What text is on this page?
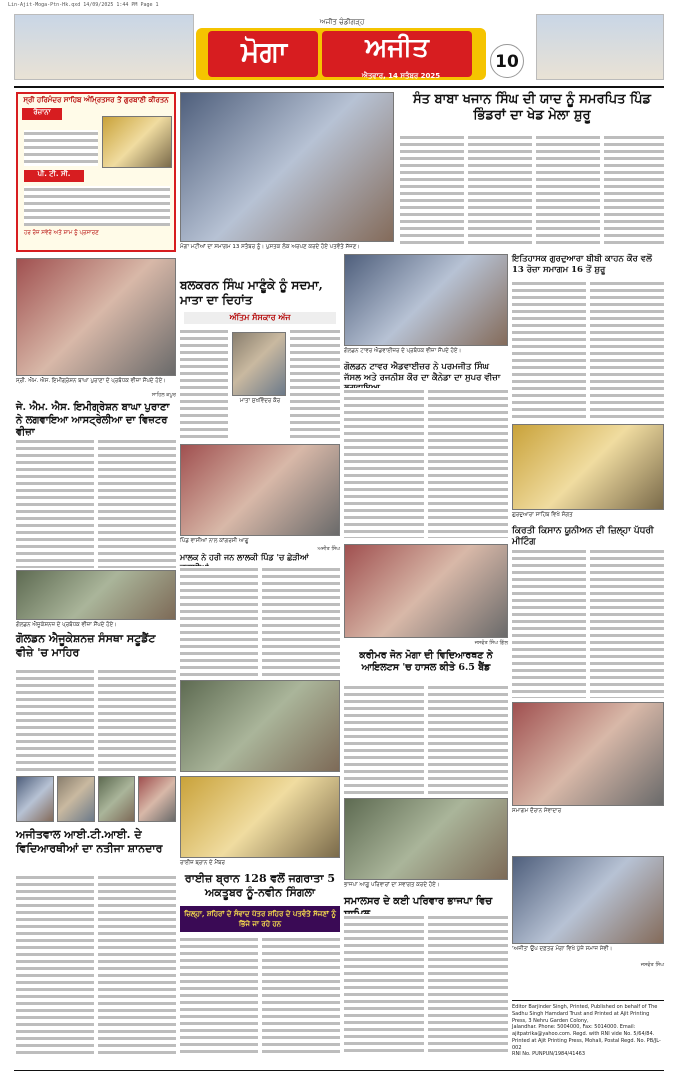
Lin-Ajit-Moga-Ptn-Hk.qxd 14/09/2025 1:44 PM Page 1
ਅਜੀਤ ਚੰਡੀਗੜ੍ਹ
ਮੋਗਾ	ਅਜੀਤ
ਐਤਵਾਰ, 14 ਸਤੰਬਰ 2025
10
ਸ੍ਰੀ ਹਰਿਮੰਦਰ ਸਾਹਿਬ ਅੰਮ੍ਰਿਤਸਰ ਤੋਂ ਗੁਰਬਾਣੀ ਕੀਰਤਨ
ਰੋਜ਼ਾਨਾ
ਪੀ. ਟੀ. ਸੀ.
ਹਰ ਰੋਜ਼ ਸਵੇਰੇ ਅਤੇ ਸ਼ਾਮ ਨੂੰ ਪ੍ਰਸਾਰਣ
ਸ੍ਰੀ. ਐਮ. ਐਸ. ਇਮੀਗ੍ਰੇਸ਼ਨ ਬਾਘਾ ਪੁਰਾਣਾ ਦੇ ਪ੍ਰਬੰਧਕ ਵੀਜ਼ਾ ਸੌਂਪਦੇ ਹੋਏ।
ਸਾਹਿਲ ਕਪੂਰ
ਜੇ. ਐਮ. ਐਸ. ਇਮੀਗ੍ਰੇਸ਼ਨ ਬਾਘਾ ਪੁਰਾਣਾ ਨੇ ਲਗਵਾਇਆ ਆਸਟ੍ਰੇਲੀਆ ਦਾ ਵਿਜ਼ਟਰ ਵੀਜ਼ਾ
ਗੋਲਡਨ ਐਜੂਕੇਸ਼ਨਜ਼ ਦੇ ਪ੍ਰਬੰਧਕ ਵੀਜ਼ਾ ਸੌਂਪਦੇ ਹੋਏ।
ਗੋਲਡਨ ਐਜੂਕੇਸ਼ਨਜ਼ ਸੰਸਥਾ ਸਟੂਡੈਂਟ ਵੀਜ਼ੇ 'ਚ ਮਾਹਿਰ
ਅਜੀਤਵਾਲ ਆਈ.ਟੀ.ਆਈ. ਦੇ ਵਿਦਿਆਰਥੀਆਂ ਦਾ ਨਤੀਜਾ ਸ਼ਾਨਦਾਰ
ਮੋਗਾ ਮਟੀਆਂ ਦਾ ਸਮਾਗਮ 13 ਸਤੰਬਰ ਨੂੰ। ਪੁਸਤਕ ਲੋਕ ਅਰਪਣ ਕਰਦੇ ਹੋਏ ਪਤਵੰਤੇ ਸੱਜਣ।
ਬਲਕਰਨ ਸਿੰਘ ਮਾਣੂੰਕੇ ਨੂੰ ਸਦਮਾ, ਮਾਤਾ ਦਾ ਦਿਹਾਂਤ
ਅੰਤਿਮ ਸੰਸਕਾਰ ਅੱਜ
ਮਾਤਾ ਸੁਖਵਿੰਦਰ ਕੌਰ
ਪਿੰਡ ਵਾਸੀਆਂ ਨਾਲ ਕਾਂਗਰਸੀ ਆਗੂ
ਅਜੀਤ ਸਿੰਘ
ਮਾਲਕ ਨੇ ਹਰੀ ਜਨ ਲਾਲਕੀ ਪਿੰਡ 'ਚ ਛੇੜੀਆਂ
ਰਾਈਜ਼ ਬ੍ਰਾਨ ਦੇ ਮੈਂਬਰ
ਰਾਈਜ਼ ਬ੍ਰਾਨ 128 ਵਲੋਂ ਜਗਰਾਤਾ 5 ਅਕਤੂਬਰ ਨੂੰ-ਨਵੀਨ ਸਿੰਗਲਾ
ਜ਼ਿਲ੍ਹਾ, ਸ਼ਹਿਰਾਂ ਦੇ ਸੰਵਾਦ ਪੱਤਰ ਸ਼ਹਿਰ ਦੇ ਪਤਵੰਤੇ ਸੱਜਣਾਂ ਨੂੰ ਭਿੱਜੇ ਜਾ ਰਹੇ ਹਨ
ਸੰਤ ਬਾਬਾ ਖਜਾਨ ਸਿੰਘ ਦੀ ਯਾਦ ਨੂੰ ਸਮਰਪਿਤ ਪਿੰਡ ਭਿੰਡਰਾਂ ਦਾ ਖੇਡ ਮੇਲਾ ਸ਼ੁਰੂ
ਗੋਲਡਨ ਟਾਵਰ ਐਡਵਾਈਜ਼ਰ ਦੇ ਪ੍ਰਬੰਧਕ ਵੀਜ਼ਾ ਸੌਂਪਦੇ ਹੋਏ।
ਗੋਲਡਨ ਟਾਵਰ ਐਡਵਾਈਜ਼ਰ ਨੇ ਪਰਮਜੀਤ ਸਿੰਘ ਜੱਸਲ ਅਤੇ ਰਜਨੀਸ਼ ਕੌਰ ਦਾ ਕੈਨੇਡਾ ਦਾ ਸੁਪਰ ਵੀਜ਼ਾ
ਜਸਵੰਤ ਸਿੰਘ ਗਿੱਲ
ਕਰੀਮਰ ਜੋਨ ਮੋਗਾ ਦੀ ਵਿਦਿਆਰਥਣ ਨੇ ਆਇਲਟਸ 'ਚ ਹਾਸਲ ਕੀਤੇ 6.5 ਬੈਂਡ
ਭਾਜਪਾ ਆਗੂ ਪਰਿਵਾਰਾਂ ਦਾ ਸਵਾਗਤ ਕਰਦੇ ਹੋਏ।
ਸਮਾਲਸਰ ਦੇ ਕਈ ਪਰਿਵਾਰ ਭਾਜਪਾ ਵਿਚ
ਇਤਿਹਾਸਕ ਗੁਰਦੁਆਰਾ ਬੀਬੀ ਕਾਹਨ ਕੌਰ ਵਲੋਂ 13 ਰੋਜ਼ਾ ਸਮਾਗਮ 16 ਤੋਂ ਸ਼ੁਰੂ
ਗੁਰਦੁਆਰਾ ਸਾਹਿਬ ਵਿਖੇ ਸੰਗਤ
ਕਿਰਤੀ ਕਿਸਾਨ ਯੂਨੀਅਨ ਦੀ ਜ਼ਿਲ੍ਹਾ ਪੱਧਰੀ ਮੀਟਿੰਗ
ਸਮਾਗਮ ਦੌਰਾਨ ਸੇਵਾਦਾਰ
'ਅਜੀਤ' ਉਪ ਦਫ਼ਤਰ ਮੋਗਾ ਵਿਖੇ ਪੁੱਜੇ ਸਮਾਜ ਸੇਵੀ।
ਜਸਵੰਤ ਸਿੰਘ
Editor Barjinder Singh, Printed, Published on behalf of The Sadhu Singh Hamdard Trust and Printed at Ajit Printing Press, 3 Nehru Garden Colony,
Jalandhar. Phone: 5004000, Fax: 5014000. Email: ajitpatrika@yahoo.com. Regd. with RNI vide No. 5/64/84.
Printed at Ajit Printing Press, Mohali, Postal Regd. No. PB/JL-002
RNI No. PUNPUN/1984/41463
